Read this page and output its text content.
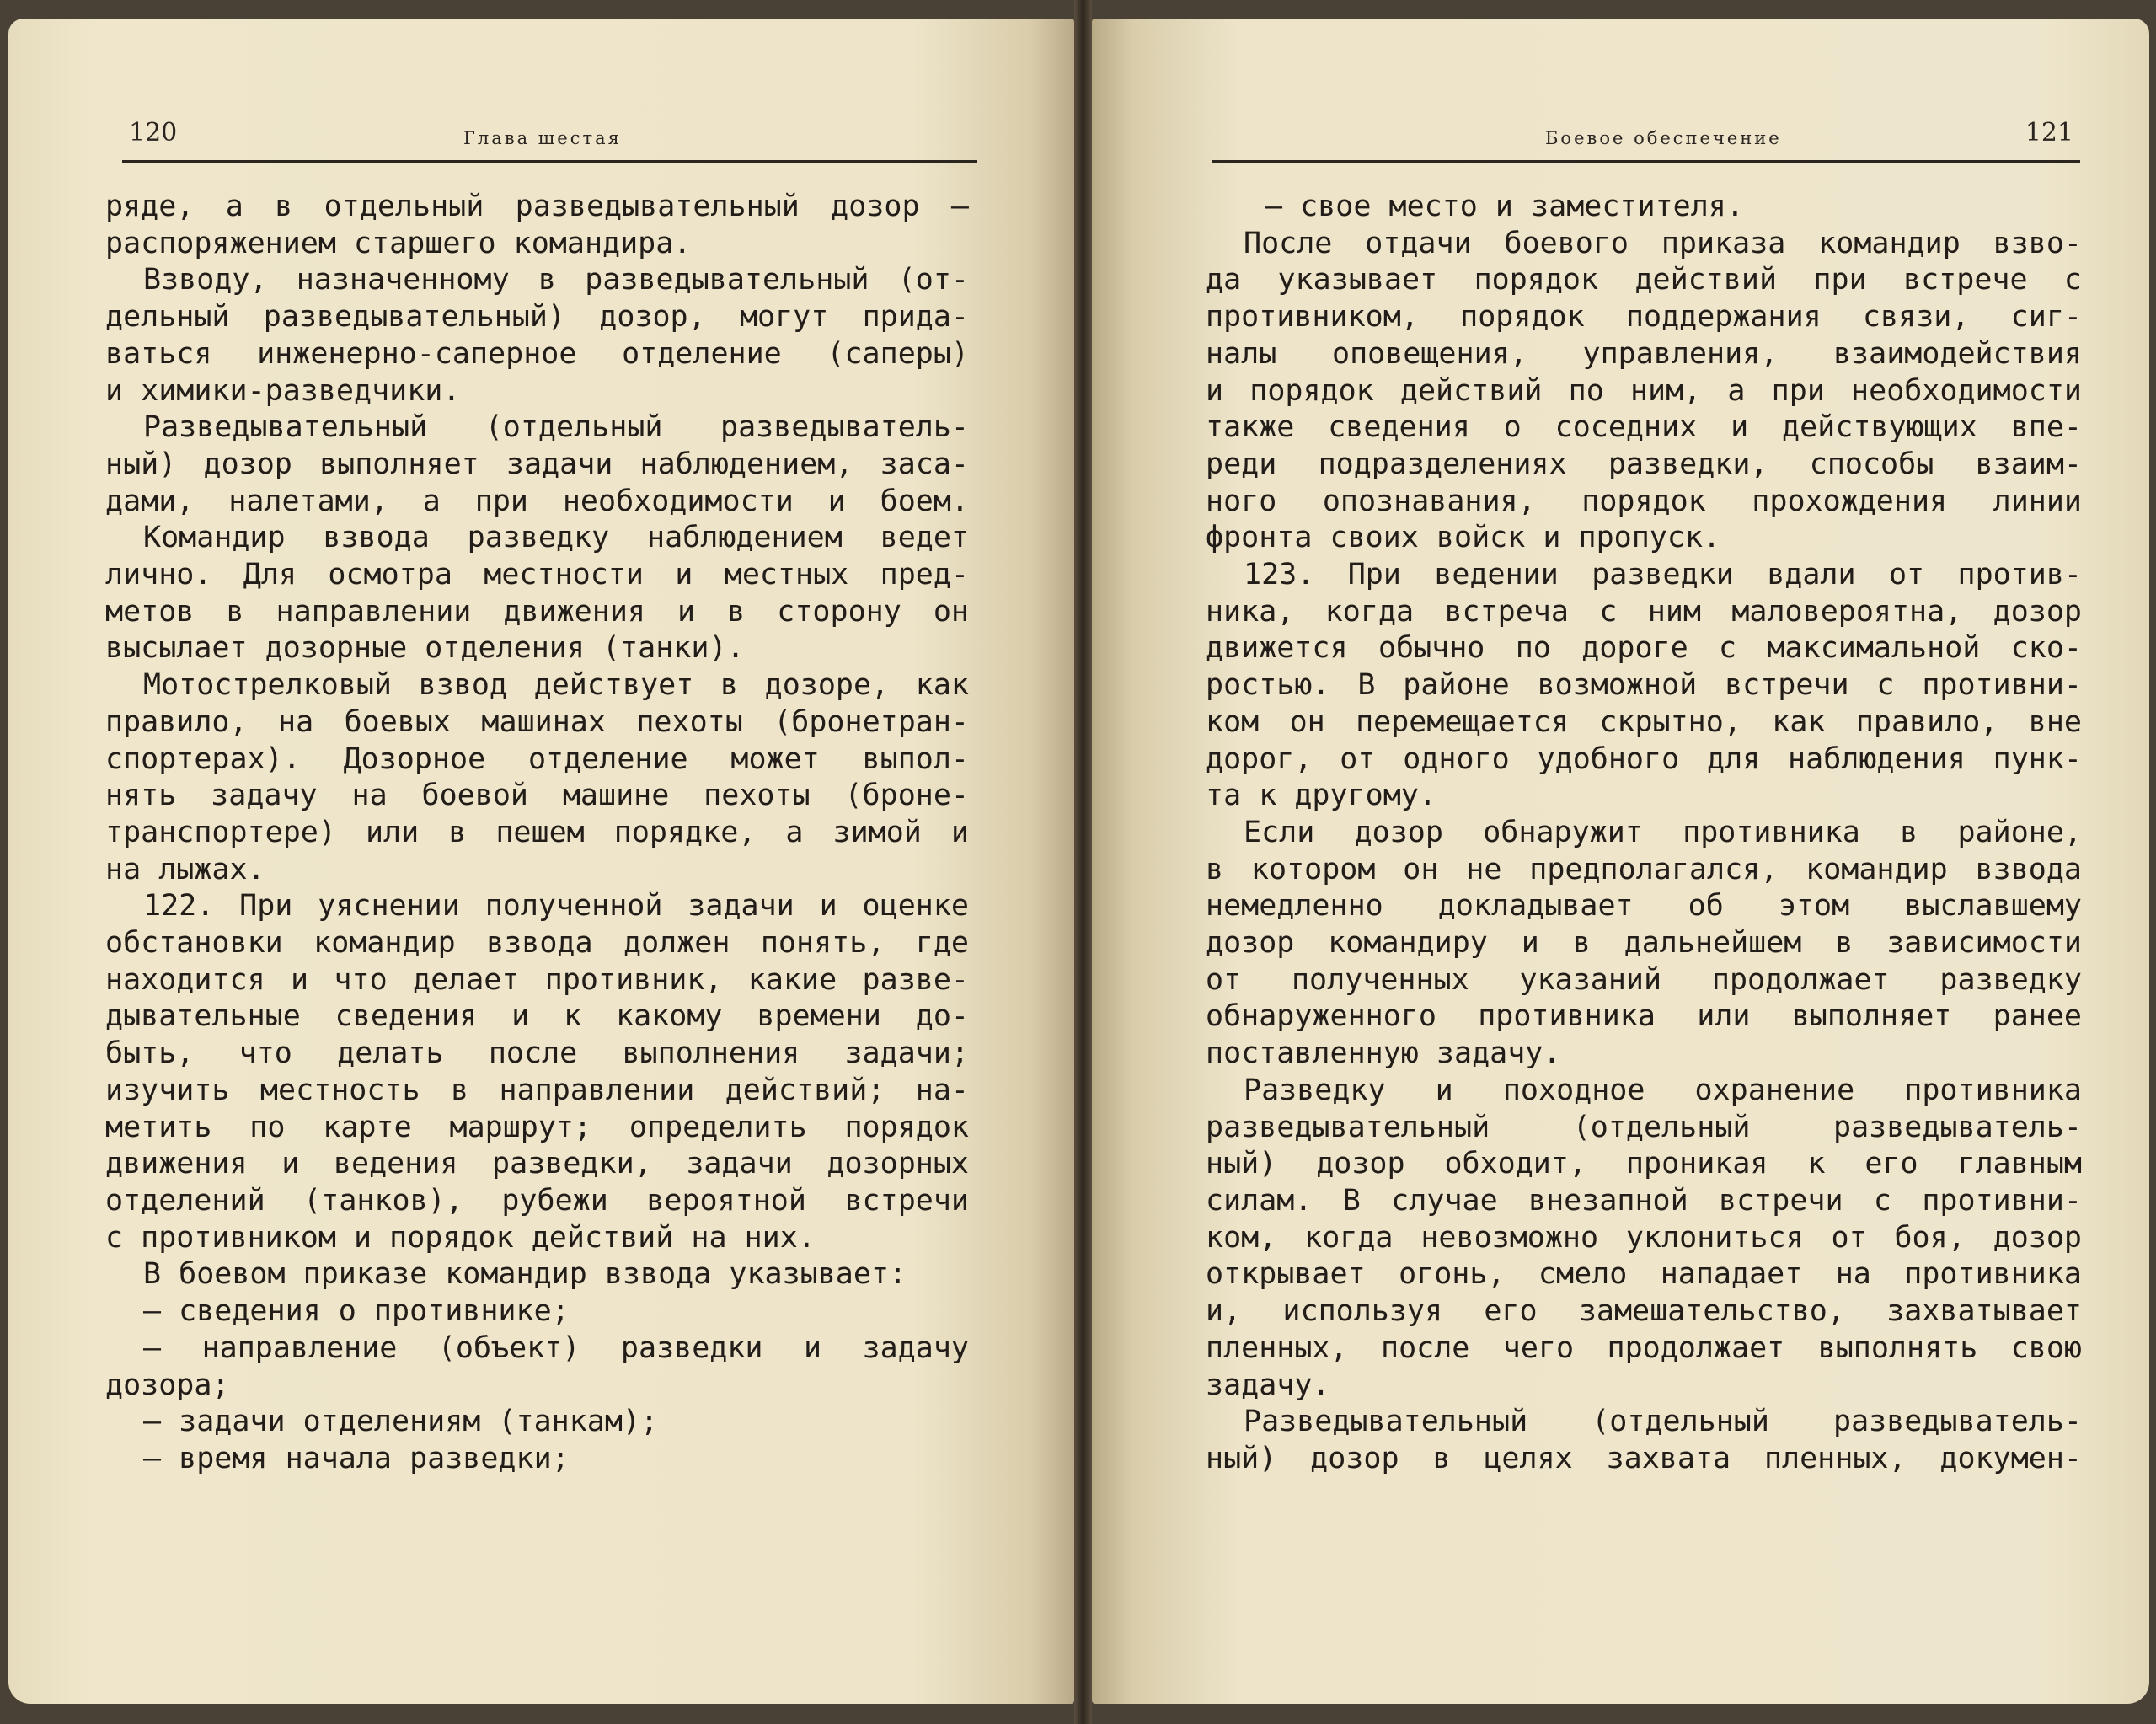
120	Глава шестая

ряде, а в отдельный разведывательный дозор —

распоряжением старшего командира.

Взводу, назначенному в разведывательный (от-

дельный разведывательный) дозор, могут прида-

ваться инженерно-саперное отделение (саперы)

и химики-разведчики.

Разведывательный (отдельный разведыватель-

ный) дозор выполняет задачи наблюдением, заса-

дами, налетами, а при необходимости и боем.

Командир взвода разведку наблюдением ведет

лично. Для осмотра местности и местных пред-

метов в направлении движения и в сторону он

высылает дозорные отделения (танки).

Мотострелковый взвод действует в дозоре, как

правило, на боевых машинах пехоты (бронетран-

спортерах). Дозорное отделение может выпол-

нять задачу на боевой машине пехоты (броне-

транспортере) или в пешем порядке, а зимой и

на лыжах.

122. При уяснении полученной задачи и оценке

обстановки командир взвода должен понять, где

находится и что делает противник, какие разве-

дывательные сведения и к какому времени до-

быть, что делать после выполнения задачи;

изучить местность в направлении действий; на-

метить по карте маршрут; определить порядок

движения и ведения разведки, задачи дозорных

отделений (танков), рубежи вероятной встречи

с противником и порядок действий на них.

В боевом приказе командир взвода указывает:

— сведения о противнике;

— направление (объект) разведки и задачу

дозора;

— задачи отделениям (танкам);

— время начала разведки;

Боевое обеспечение	121

— свое место и заместителя.

После отдачи боевого приказа командир взво-

да указывает порядок действий при встрече с

противником, порядок поддержания связи, сиг-

налы оповещения, управления, взаимодействия

и порядок действий по ним, а при необходимости

также сведения о соседних и действующих впе-

реди подразделениях разведки, способы взаим-

ного опознавания, порядок прохождения линии

фронта своих войск и пропуск.

123. При ведении разведки вдали от против-

ника, когда встреча с ним маловероятна, дозор

движется обычно по дороге с максимальной ско-

ростью. В районе возможной встречи с противни-

ком он перемещается скрытно, как правило, вне

дорог, от одного удобного для наблюдения пунк-

та к другому.

Если дозор обнаружит противника в районе,

в котором он не предполагался, командир взвода

немедленно докладывает об этом выславшему

дозор командиру и в дальнейшем в зависимости

от полученных указаний продолжает разведку

обнаруженного противника или выполняет ранее

поставленную задачу.

Разведку и походное охранение противника

разведывательный (отдельный разведыватель-

ный) дозор обходит, проникая к его главным

силам. В случае внезапной встречи с противни-

ком, когда невозможно уклониться от боя, дозор

открывает огонь, смело нападает на противника

и, используя его замешательство, захватывает

пленных, после чего продолжает выполнять свою

задачу.

Разведывательный (отдельный разведыватель-

ный) дозор в целях захвата пленных, докумен-
